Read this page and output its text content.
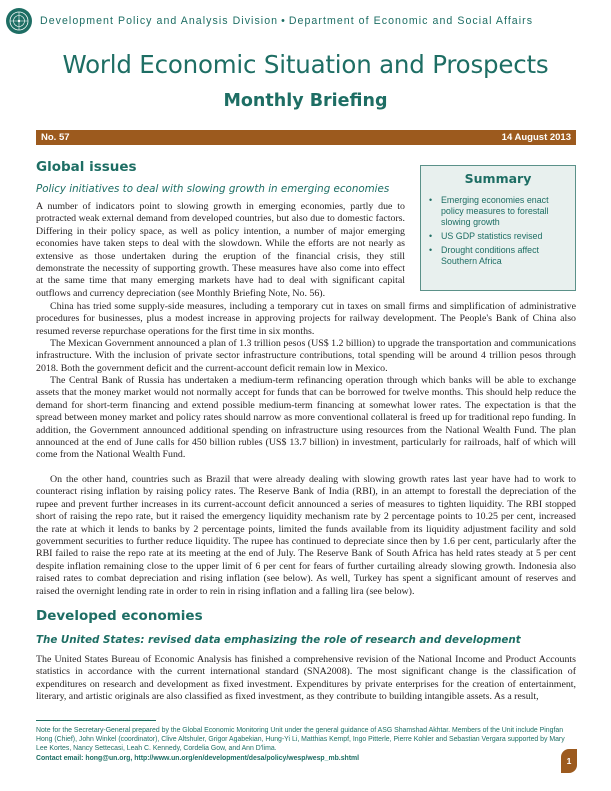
Development Policy and Analysis Division • Department of Economic and Social Affairs
World Economic Situation and Prospects
Monthly Briefing
No. 57	14 August 2013
Global issues
Policy initiatives to deal with slowing growth in emerging economies
A number of indicators point to slowing growth in emerging economies, partly due to protracted weak external demand from developed countries, but also due to domestic factors. Differing in their policy space, as well as policy intention, a number of major emerging economies have taken steps to deal with the slowdown. While the efforts are not nearly as extensive as those undertaken during the eruption of the financial crisis, they still demonstrate the necessity of supporting growth. These measures have also come into effect at the same time that many emerging markets have had to deal with significant capital outflows and currency depreciation (see Monthly Briefing Note, No. 56).
Summary
• Emerging economies enact policy measures to forestall slowing growth
• US GDP statistics revised
• Drought conditions affect Southern Africa
China has tried some supply-side measures, including a temporary cut in taxes on small firms and simplification of administrative procedures for businesses, plus a modest increase in approving projects for railway development. The People's Bank of China also resumed reverse repurchase operations for the first time in six months.
The Mexican Government announced a plan of 1.3 trillion pesos (US$ 1.2 billion) to upgrade the transportation and communications infrastructure. With the inclusion of private sector infrastructure contributions, total spending will be around 4 trillion pesos through 2018. Both the government deficit and the current-account deficit remain low in Mexico.
The Central Bank of Russia has undertaken a medium-term refinancing operation through which banks will be able to exchange assets that the money market would not normally accept for funds that can be borrowed for twelve months. This should help reduce the demand for short-term financing and extend possible medium-term financing at somewhat lower rates. The expectation is that the spread between money market and policy rates should narrow as more conventional collateral is freed up for traditional repo funding. In addition, the Government announced additional spending on infrastructure using resources from the National Wealth Fund. The plan announced at the end of June calls for 450 billion rubles (US$ 13.7 billion) in investment, particularly for railroads, half of which will come from the National Wealth Fund.
On the other hand, countries such as Brazil that were already dealing with slowing growth rates last year have had to work to counteract rising inflation by raising policy rates. The Reserve Bank of India (RBI), in an attempt to forestall the depreciation of the rupee and prevent further increases in its current-account deficit announced a series of measures to tighten liquidity. The RBI stopped short of raising the repo rate, but it raised the emergency liquidity mechanism rate by 2 percentage points to 10.25 per cent, increased the rate at which it lends to banks by 2 percentage points, limited the funds available from its liquidity adjustment facility and sold government securities to further reduce liquidity. The rupee has continued to depreciate since then by 1.6 per cent, particularly after the RBI failed to raise the repo rate at its meeting at the end of July. The Reserve Bank of South Africa has held rates steady at 5 per cent despite inflation remaining close to the upper limit of 6 per cent for fears of further curtailing already slowing growth. Indonesia also raised rates to combat depreciation and rising inflation (see below). As well, Turkey has spent a significant amount of reserves and raised the overnight lending rate in order to rein in rising inflation and a falling lira (see below).
Developed economies
The United States: revised data emphasizing the role of research and development
The United States Bureau of Economic Analysis has finished a comprehensive revision of the National Income and Product Accounts statistics in accordance with the current international standard (SNA2008). The most significant change is the classification of expenditures on research and development as fixed investment. Expenditures by private enterprises for the creation of entertainment, literary, and artistic originals are also classified as fixed investment, as they contribute to building intangible assets. As a result,
Note for the Secretary-General prepared by the Global Economic Monitoring Unit under the general guidance of ASG Shamshad Akhtar. Members of the Unit include Pingfan Hong (Chief), John Winkel (coordinator), Clive Altshuler, Grigor Agabekian, Hung-Yi Li, Matthias Kempf, Ingo Pitterle, Pierre Kohler and Sebastian Vergara supported by Mary Lee Kortes, Nancy Settecasi, Leah C. Kennedy, Cordelia Gow, and Ann D'lima.
Contact email: hong@un.org, http://www.un.org/en/development/desa/policy/wesp/wesp_mb.shtml	1
